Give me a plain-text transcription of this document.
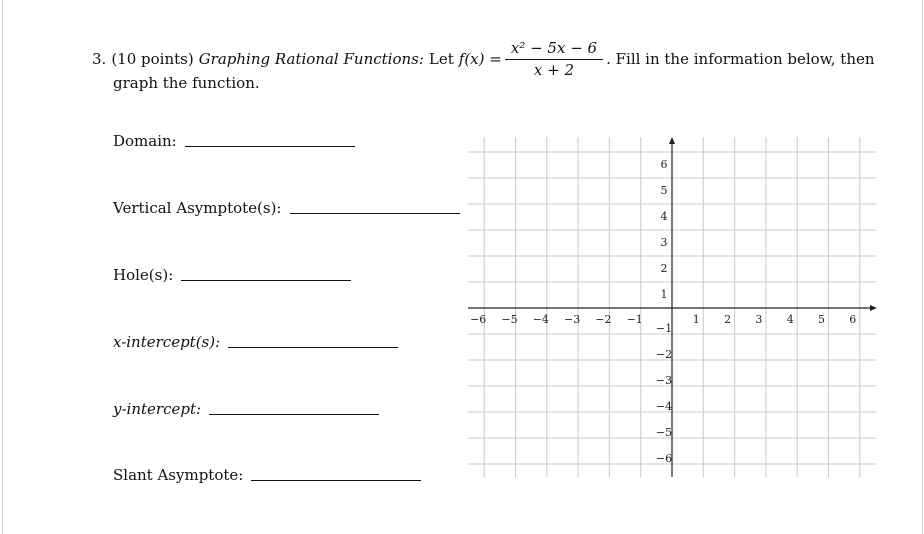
3. (10 points) Graphing Rational Functions: Let $f(x) = \frac{\text{x² − 5x − 6}}{x + 2}$ . Fill in the information below, then
graph the function.
Domain:
Vertical Asymptote(s):
Hole(s):
x-intercept(s):
y-intercept:
Slant Asymptote:
−6 −5 −4 −3 −2 −1	1 2 3 4 5 6
6
5
4
3
2
1
−1
−2
−3
−4
−5
−6
